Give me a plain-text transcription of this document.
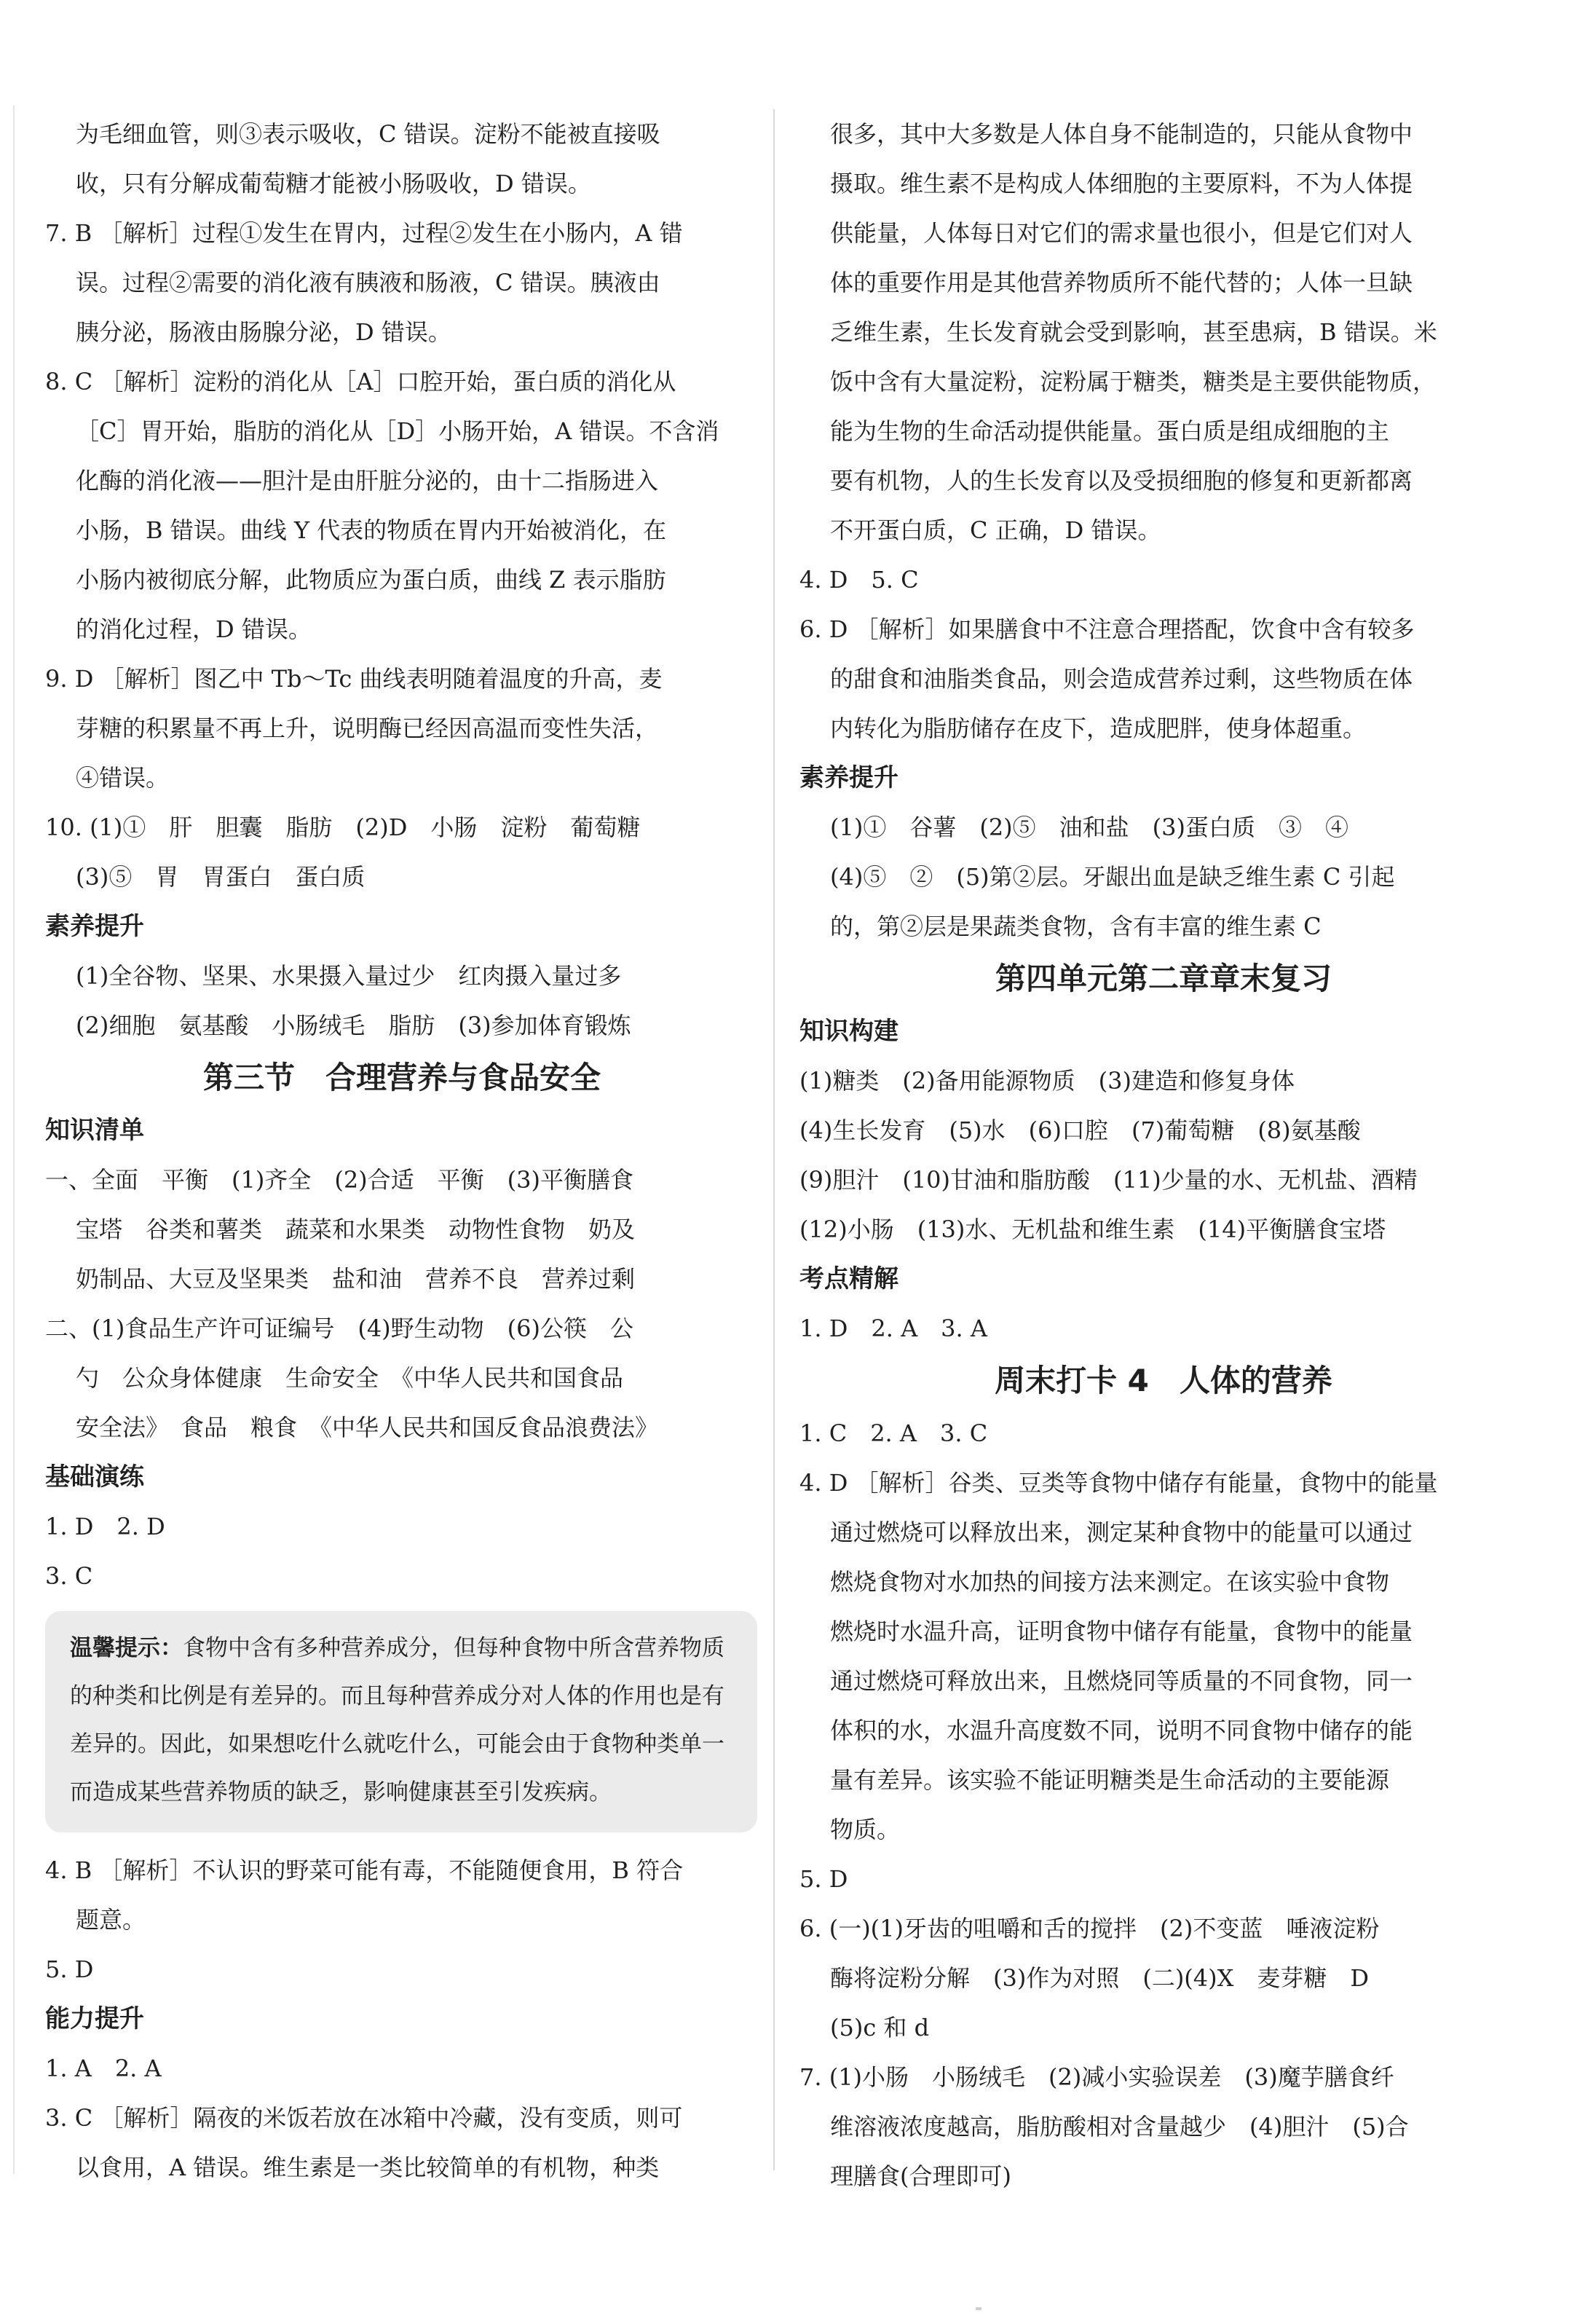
为毛细血管，则③表示吸收，C 错误。淀粉不能被直接吸
收，只有分解成葡萄糖才能被小肠吸收，D 错误。
7. B ［解析］过程①发生在胃内，过程②发生在小肠内，A 错
误。过程②需要的消化液有胰液和肠液，C 错误。胰液由
胰分泌，肠液由肠腺分泌，D 错误。
8. C ［解析］淀粉的消化从［A］口腔开始，蛋白质的消化从
［C］胃开始，脂肪的消化从［D］小肠开始，A 错误。不含消
化酶的消化液——胆汁是由肝脏分泌的，由十二指肠进入
小肠，B 错误。曲线 Y 代表的物质在胃内开始被消化，在
小肠内被彻底分解，此物质应为蛋白质，曲线 Z 表示脂肪
的消化过程，D 错误。
9. D ［解析］图乙中 Tb～Tc 曲线表明随着温度的升高，麦
芽糖的积累量不再上升，说明酶已经因高温而变性失活，
④错误。
10. (1)①　肝　胆囊　脂肪　(2)D　小肠　淀粉　葡萄糖
(3)⑤　胃　胃蛋白　蛋白质
素养提升
(1)全谷物、坚果、水果摄入量过少　红肉摄入量过多
(2)细胞　氨基酸　小肠绒毛　脂肪　(3)参加体育锻炼
第三节　合理营养与食品安全
知识清单
一、全面　平衡　(1)齐全　(2)合适　平衡　(3)平衡膳食
宝塔　谷类和薯类　蔬菜和水果类　动物性食物　奶及
奶制品、大豆及坚果类　盐和油　营养不良　营养过剩
二、(1)食品生产许可证编号　(4)野生动物　(6)公筷　公
勺　公众身体健康　生命安全　《中华人民共和国食品
安全法》　食品　粮食　《中华人民共和国反食品浪费法》
基础演练
1. D　2. D
3. C
温馨提示：食物中含有多种营养成分，但每种食物中所含营养物质的种类和比例是有差异的。而且每种营养成分对人体的作用也是有差异的。因此，如果想吃什么就吃什么，可能会由于食物种类单一而造成某些营养物质的缺乏，影响健康甚至引发疾病。
4. B ［解析］不认识的野菜可能有毒，不能随便食用，B 符合
题意。
5. D
能力提升
1. A　2. A
3. C ［解析］隔夜的米饭若放在冰箱中冷藏，没有变质，则可
以食用，A 错误。维生素是一类比较简单的有机物，种类
很多，其中大多数是人体自身不能制造的，只能从食物中
摄取。维生素不是构成人体细胞的主要原料，不为人体提
供能量，人体每日对它们的需求量也很小，但是它们对人
体的重要作用是其他营养物质所不能代替的；人体一旦缺
乏维生素，生长发育就会受到影响，甚至患病，B 错误。米
饭中含有大量淀粉，淀粉属于糖类，糖类是主要供能物质，
能为生物的生命活动提供能量。蛋白质是组成细胞的主
要有机物，人的生长发育以及受损细胞的修复和更新都离
不开蛋白质，C 正确，D 错误。
4. D　5. C
6. D ［解析］如果膳食中不注意合理搭配，饮食中含有较多
的甜食和油脂类食品，则会造成营养过剩，这些物质在体
内转化为脂肪储存在皮下，造成肥胖，使身体超重。
素养提升
(1)①　谷薯　(2)⑤　油和盐　(3)蛋白质　③　④
(4)⑤　②　(5)第②层。牙龈出血是缺乏维生素 C 引起
的，第②层是果蔬类食物，含有丰富的维生素 C
第四单元第二章章末复习
知识构建
(1)糖类　(2)备用能源物质　(3)建造和修复身体
(4)生长发育　(5)水　(6)口腔　(7)葡萄糖　(8)氨基酸
(9)胆汁　(10)甘油和脂肪酸　(11)少量的水、无机盐、酒精
(12)小肠　(13)水、无机盐和维生素　(14)平衡膳食宝塔
考点精解
1. D　2. A　3. A
周末打卡 4　人体的营养
1. C　2. A　3. C
4. D ［解析］谷类、豆类等食物中储存有能量，食物中的能量
通过燃烧可以释放出来，测定某种食物中的能量可以通过
燃烧食物对水加热的间接方法来测定。在该实验中食物
燃烧时水温升高，证明食物中储存有能量，食物中的能量
通过燃烧可释放出来，且燃烧同等质量的不同食物，同一
体积的水，水温升高度数不同，说明不同食物中储存的能
量有差异。该实验不能证明糖类是生命活动的主要能源
物质。
5. D
6. (一)(1)牙齿的咀嚼和舌的搅拌　(2)不变蓝　唾液淀粉
酶将淀粉分解　(3)作为对照　(二)(4)X　麦芽糖　D
(5)c 和 d
7. (1)小肠　小肠绒毛　(2)减小实验误差　(3)魔芋膳食纤
维溶液浓度越高，脂肪酸相对含量越少　(4)胆汁　(5)合
理膳食(合理即可)
